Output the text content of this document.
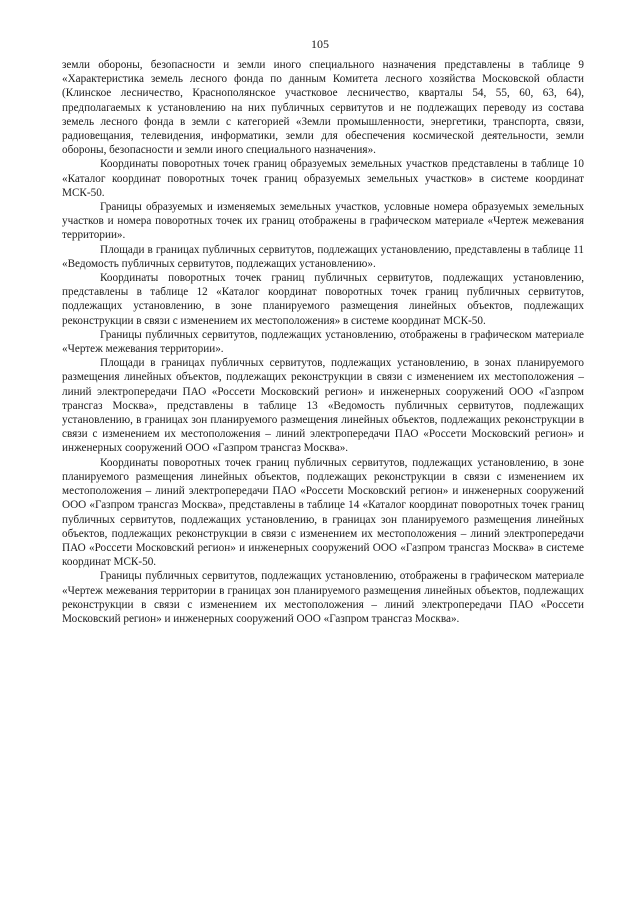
105

земли обороны, безопасности и земли иного специального назначения представлены в таблице 9 «Характеристика земель лесного фонда по данным Комитета лесного хозяйства Московской области (Клинское лесничество, Краснополянское участковое лесничество, кварталы 54, 55, 60, 63, 64), предполагаемых к установлению на них публичных сервитутов и не подлежащих переводу из состава земель лесного фонда в земли с категорией «Земли промышленности, энергетики, транспорта, связи, радиовещания, телевидения, информатики, земли для обеспечения космической деятельности, земли обороны, безопасности и земли иного специального назначения».

Координаты поворотных точек границ образуемых земельных участков представлены в таблице 10 «Каталог координат поворотных точек границ образуемых земельных участков» в системе координат МСК-50.

Границы образуемых и изменяемых земельных участков, условные номера образуемых земельных участков и номера поворотных точек их границ отображены в графическом материале «Чертеж межевания территории».

Площади в границах публичных сервитутов, подлежащих установлению, представлены в таблице 11 «Ведомость публичных сервитутов, подлежащих установлению».

Координаты поворотных точек границ публичных сервитутов, подлежащих установлению, представлены в таблице 12 «Каталог координат поворотных точек границ публичных сервитутов, подлежащих установлению, в зоне планируемого размещения линейных объектов, подлежащих реконструкции в связи с изменением их местоположения» в системе координат МСК-50.

Границы публичных сервитутов, подлежащих установлению, отображены в графическом материале «Чертеж межевания территории».

Площади в границах публичных сервитутов, подлежащих установлению, в зонах планируемого размещения линейных объектов, подлежащих реконструкции в связи с изменением их местоположения – линий электропередачи ПАО «Россети Московский регион» и инженерных сооружений ООО «Газпром трансгаз Москва», представлены в таблице 13 «Ведомость публичных сервитутов, подлежащих установлению, в границах зон планируемого размещения линейных объектов, подлежащих реконструкции в связи с изменением их местоположения – линий электропередачи ПАО «Россети Московский регион» и инженерных сооружений ООО «Газпром трансгаз Москва».

Координаты поворотных точек границ публичных сервитутов, подлежащих установлению, в зоне планируемого размещения линейных объектов, подлежащих реконструкции в связи с изменением их местоположения – линий электропередачи ПАО «Россети Московский регион» и инженерных сооружений ООО «Газпром трансгаз Москва», представлены в таблице 14 «Каталог координат поворотных точек границ публичных сервитутов, подлежащих установлению, в границах зон планируемого размещения линейных объектов, подлежащих реконструкции в связи с изменением их местоположения – линий электропередачи ПАО «Россети Московский регион» и инженерных сооружений ООО «Газпром трансгаз Москва» в системе координат МСК-50.

Границы публичных сервитутов, подлежащих установлению, отображены в графическом материале «Чертеж межевания территории в границах зон планируемого размещения линейных объектов, подлежащих реконструкции в связи с изменением их местоположения – линий электропередачи ПАО «Россети Московский регион» и инженерных сооружений ООО «Газпром трансгаз Москва».
